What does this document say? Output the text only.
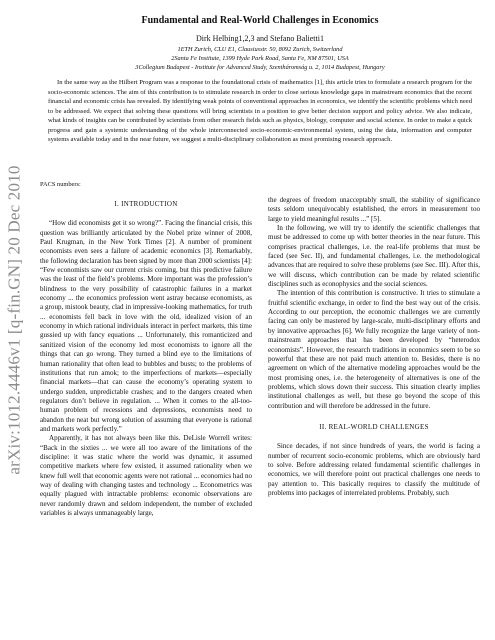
arXiv:1012.4446v1 [q-fin.GN] 20 Dec 2010
Fundamental and Real-World Challenges in Economics
Dirk Helbing1,2,3 and Stefano Balietti1
1ETH Zurich, CLU E1, Clausiusstr. 50, 8092 Zurich, Switzerland
2Santa Fe Institute, 1399 Hyde Park Road, Santa Fe, NM 87501, USA
3Collegium Budapest - Institute for Advanced Study, Szentháromság u. 2, 1014 Budapest, Hungary

In the same way as the Hilbert Program was a response to the foundational crisis of mathematics [1], this article tries to formulate a research program for the socio-economic sciences. The aim of this contribution is to stimulate research in order to close serious knowledge gaps in mainstream economics that the recent financial and economic crisis has revealed. By identifying weak points of conventional approaches in economics, we identify the scientific problems which need to be addressed. We expect that solving these questions will bring scientists in a position to give better decision support and policy advice. We also indicate, what kinds of insights can be contributed by scientists from other research fields such as physics, biology, computer and social science. In order to make a quick progress and gain a systemic understanding of the whole interconnected socio-economic-environmental system, using the data, information and computer systems available today and in the near future, we suggest a multi-disciplinary collaboration as most promising research approach.

PACS numbers:
I. INTRODUCTION

“How did economists get it so wrong?”. Facing the financial crisis, this question was brilliantly articulated by the Nobel prize winner of 2008, Paul Krugman, in the New York Times [2]. A number of prominent economists even sees a failure of academic economics [3]. Remarkably, the following declaration has been signed by more than 2000 scientists [4]: “Few economists saw our current crisis coming, but this predictive failure was the least of the field’s problems. More important was the profession’s blindness to the very possibility of catastrophic failures in a market economy ... the economics profession went astray because economists, as a group, mistook beauty, clad in impressive-looking mathematics, for truth ... economists fell back in love with the old, idealized vision of an economy in which rational individuals interact in perfect markets, this time gussied up with fancy equations ... Unfortunately, this romanticized and sanitized vision of the economy led most economists to ignore all the things that can go wrong. They turned a blind eye to the limitations of human rationality that often lead to bubbles and busts; to the problems of institutions that run amok; to the imperfections of markets—especially financial markets—that can cause the economy’s operating system to undergo sudden, unpredictable crashes; and to the dangers created when regulators don’t believe in regulation. ... When it comes to the all-too-human problem of recessions and depressions, economists need to abandon the neat but wrong solution of assuming that everyone is rational and markets work perfectly.”

Apparently, it has not always been like this. DeLisle Worrell writes: “Back in the sixties ... we were all too aware of the limitations of the discipline: it was static where the world was dynamic, it assumed competitive markets where few existed, it assumed rationality when we knew full well that economic agents were not rational ... economics had no way of dealing with changing tastes and technology ... Econometrics was equally plagued with intractable problems: economic observations are never randomly drawn and seldom independent, the number of excluded variables is always unmanageably large,

the degrees of freedom unacceptably small, the stability of significance tests seldom unequivocably established, the errors in measurement too large to yield meaningful results ...” [5].

In the following, we will try to identify the scientific challenges that must be addressed to come up with better theories in the near future. This comprises practical challenges, i.e. the real-life problems that must be faced (see Sec. II), and fundamental challenges, i.e. the methodological advances that are required to solve these problems (see Sec. III). After this, we will discuss, which contribution can be made by related scientific disciplines such as econophysics and the social sciences.

The intention of this contribution is constructive. It tries to stimulate a fruitful scientific exchange, in order to find the best way out of the crisis. According to our perception, the economic challenges we are currently facing can only be mastered by large-scale, multi-disciplinary efforts and by innovative approaches [6]. We fully recognize the large variety of non-mainstream approaches that has been developed by “heterodox economists”. However, the research traditions in economics seem to be so powerful that these are not paid much attention to. Besides, there is no agreement on which of the alternative modeling approaches would be the most promising ones, i.e. the heterogeneity of alternatives is one of the problems, which slows down their success. This situation clearly implies institutional challenges as well, but these go beyond the scope of this contribution and will therefore be addressed in the future.

II. REAL-WORLD CHALLENGES

Since decades, if not since hundreds of years, the world is facing a number of recurrent socio-economic problems, which are obviously hard to solve. Before addressing related fundamental scientific challenges in economics, we will therefore point out practical challenges one needs to pay attention to. This basically requires to classify the multitude of problems into packages of interrelated problems. Probably, such
